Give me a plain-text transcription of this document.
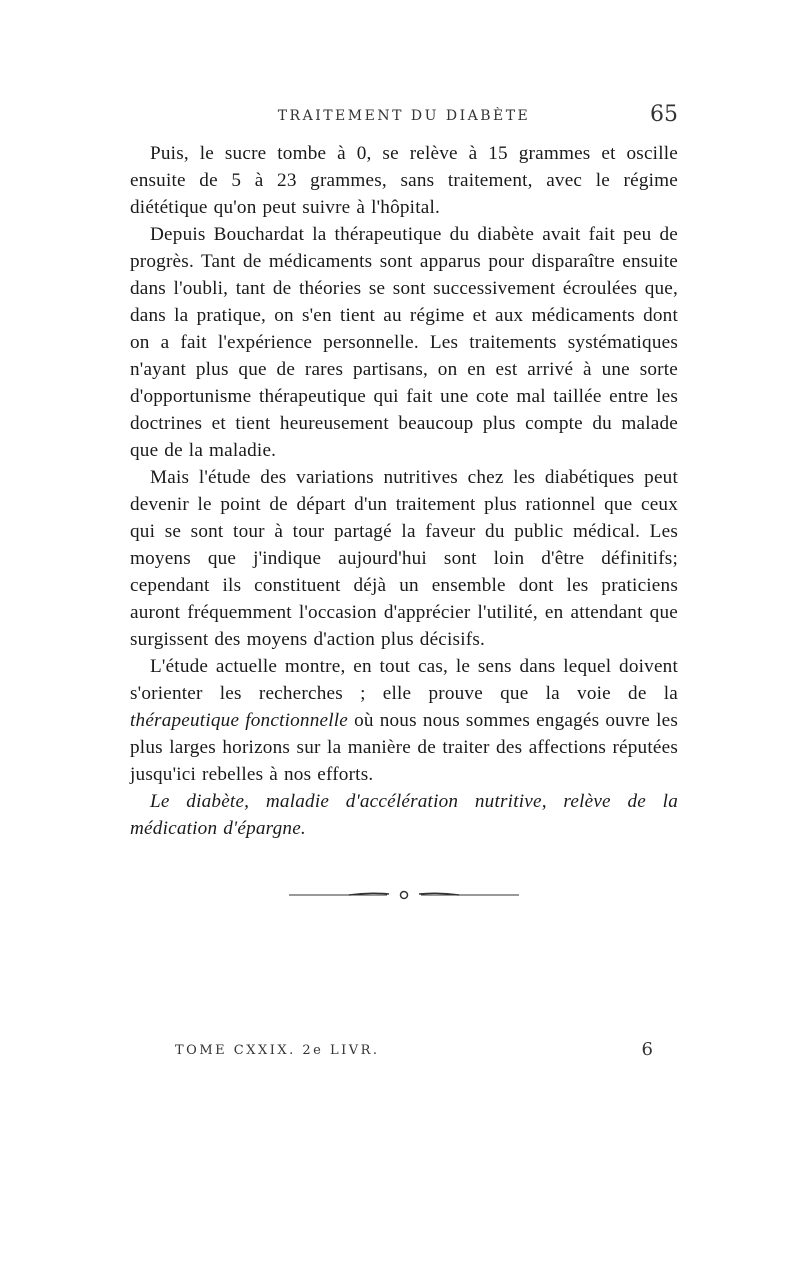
TRAITEMENT DU DIABÈTE	65

Puis, le sucre tombe à 0, se relève à 15 grammes et oscille ensuite de 5 à 23 grammes, sans traitement, avec le régime diététique qu'on peut suivre à l'hôpital.

Depuis Bouchardat la thérapeutique du diabète avait fait peu de progrès. Tant de médicaments sont apparus pour disparaître ensuite dans l'oubli, tant de théories se sont successivement écroulées que, dans la pratique, on s'en tient au régime et aux médicaments dont on a fait l'expérience personnelle. Les traitements systématiques n'ayant plus que de rares partisans, on en est arrivé à une sorte d'opportunisme thérapeutique qui fait une cote mal taillée entre les doctrines et tient heureusement beaucoup plus compte du malade que de la maladie.

Mais l'étude des variations nutritives chez les diabétiques peut devenir le point de départ d'un traitement plus rationnel que ceux qui se sont tour à tour partagé la faveur du public médical. Les moyens que j'indique aujourd'hui sont loin d'être définitifs; cependant ils constituent déjà un ensemble dont les praticiens auront fréquemment l'occasion d'apprécier l'utilité, en attendant que surgissent des moyens d'action plus décisifs.

L'étude actuelle montre, en tout cas, le sens dans lequel doivent s'orienter les recherches ; elle prouve que la voie de la thérapeutique fonctionnelle où nous nous sommes engagés ouvre les plus larges horizons sur la manière de traiter des affections réputées jusqu'ici rebelles à nos efforts.

Le diabète, maladie d'accélération nutritive, relève de la médication d'épargne.

TOME CXXIX. 2e LIVR.	6
